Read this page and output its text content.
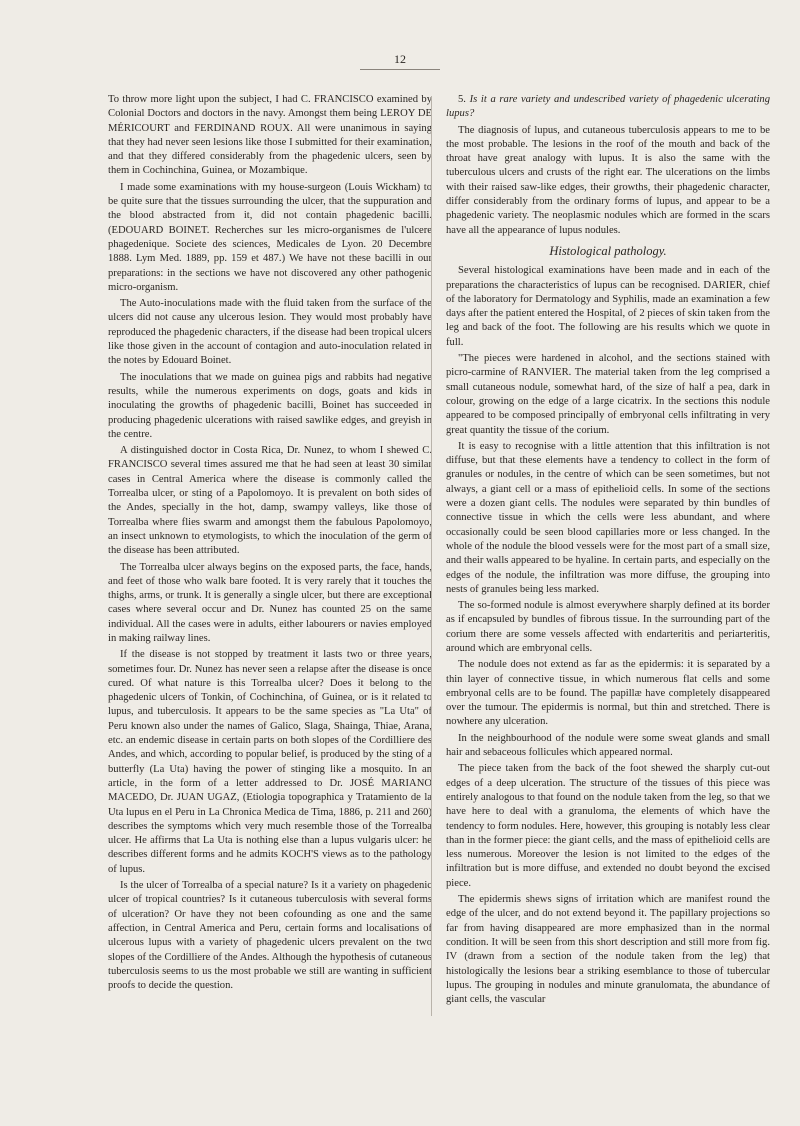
12

To throw more light upon the subject, I had C. FRANCISCO examined by Colonial Doctors and doctors in the navy. Amongst them being LEROY DE MÉRICOURT and FERDINAND ROUX. All were unanimous in saying that they had never seen lesions like those I submitted for their examination, and that they differed considerably from the phagedenic ulcers, seen by them in Cochinchina, Guinea, or Mozambique.

I made some examinations with my house-surgeon (Louis Wickham) to be quite sure that the tissues surrounding the ulcer, that the suppuration and the blood abstracted from it, did not contain phagedenic bacilli. (EDOUARD BOINET. Recherches sur les micro-organismes de l'ulcere phagedenique. Societe des sciences, Medicales de Lyon. 20 Decembre 1888. Lym Med. 1889, pp. 159 et 487.) We have not these bacilli in our preparations: in the sections we have not discovered any other pathogenic micro-organism.

The Auto-inoculations made with the fluid taken from the surface of the ulcers did not cause any ulcerous lesion. They would most probably have reproduced the phagedenic characters, if the disease had been tropical ulcers like those given in the account of contagion and auto-inoculation related in the notes by Edouard Boinet.

The inoculations that we made on guinea pigs and rabbits had negative results, while the numerous experiments on dogs, goats and kids in inoculating the growths of phagedenic bacilli, Boinet has succeeded in producing phagedenic ulcerations with raised sawlike edges, and greyish in the centre.

A distinguished doctor in Costa Rica, Dr. Nunez, to whom I shewed C. FRANCISCO several times assured me that he had seen at least 30 similar cases in Central America where the disease is commonly called the Torrealba ulcer, or sting of a Papolomoyo. It is prevalent on both sides of the Andes, specially in the hot, damp, swampy valleys, like those of Torrealba where flies swarm and amongst them the fabulous Papolomoyo, an insect unknown to etymologists, to which the inoculation of the germ of the disease has been attributed.

The Torrealba ulcer always begins on the exposed parts, the face, hands, and feet of those who walk bare footed. It is very rarely that it touches the thighs, arms, or trunk. It is generally a single ulcer, but there are exceptional cases where several occur and Dr. Nunez has counted 25 on the same individual. All the cases were in adults, either labourers or navies employed in making railway lines.

If the disease is not stopped by treatment it lasts two or three years, sometimes four. Dr. Nunez has never seen a relapse after the disease is once cured. Of what nature is this Torrealba ulcer? Does it belong to the phagedenic ulcers of Tonkin, of Cochinchina, of Guinea, or is it related to lupus, and tuberculosis. It appears to be the same species as "La Uta" of Peru known also under the names of Galico, Slaga, Shainga, Thiae, Arana, etc. an endemic disease in certain parts on both slopes of the Cordilliere des Andes, and which, according to popular belief, is produced by the sting of a butterfly (La Uta) having the power of stinging like a mosquito. In an article, in the form of a letter addressed to Dr. JOSÉ MARIANO MACEDO, Dr. JUAN UGAZ, (Etiologia topographica y Tratamiento de la Uta lupus en el Peru in La Chronica Medica de Tima, 1886, p. 211 and 260) describes the symptoms which very much resemble those of the Torrealba ulcer. He affirms that La Uta is nothing else than a lupus vulgaris ulcer: he describes different forms and he admits KOCH'S views as to the pathology of lupus.

Is the ulcer of Torrealba of a special nature? Is it a variety on phagedenic ulcer of tropical countries? Is it cutaneous tuberculosis with several forms of ulceration? Or have they not been cofounding as one and the same affection, in Central America and Peru, certain forms and localisations of ulcerous lupus with a variety of phagedenic ulcers prevalent on the two slopes of the Cordilliere of the Andes. Although the hypothesis of cutaneous tuberculosis seems to us the most probable we still are wanting in sufficient proofs to decide the question.

5. Is it a rare variety and undescribed variety of phagedenic ulcerating lupus?

The diagnosis of lupus, and cutaneous tuberculosis appears to me to be the most probable. The lesions in the roof of the mouth and back of the throat have great analogy with lupus. It is also the same with the tuberculous ulcers and crusts of the right ear. The ulcerations on the limbs with their raised saw-like edges, their growths, their phagedenic character, differ considerably from the ordinary forms of lupus, and appear to be a phagedenic variety. The neoplasmic nodules which are formed in the scars have all the appearance of lupus nodules.

Histological pathology.

Several histological examinations have been made and in each of the preparations the characteristics of lupus can be recognised. DARIER, chief of the laboratory for Dermatology and Syphilis, made an examination a few days after the patient entered the Hospital, of 2 pieces of skin taken from the leg and back of the foot. The following are his results which we quote in full.

"The pieces were hardened in alcohol, and the sections stained with picro-carmine of RANVIER. The material taken from the leg comprised a small cutaneous nodule, somewhat hard, of the size of half a pea, dark in colour, growing on the edge of a large cicatrix. In the sections this nodule appeared to be composed principally of embryonal cells infiltrating in very great quantity the tissue of the corium.

It is easy to recognise with a little attention that this infiltration is not diffuse, but that these elements have a tendency to collect in the form of granules or nodules, in the centre of which can be seen sometimes, but not always, a giant cell or a mass of epithelioid cells. In some of the sections were a dozen giant cells. The nodules were separated by thin bundles of connective tissue in which the cells were less abundant, and where occasionally could be seen blood capillaries more or less changed. In the whole of the nodule the blood vessels were for the most part of a small size, and their walls appeared to be hyaline. In certain parts, and especially on the edges of the nodule, the infiltration was more diffuse, the grouping into nests of granules being less marked.

The so-formed nodule is almost everywhere sharply defined at its border as if encapsuled by bundles of fibrous tissue. In the surrounding part of the corium there are some vessels affected with endarteritis and periarteritis, around which are embryonal cells.

The nodule does not extend as far as the epidermis: it is separated by a thin layer of connective tissue, in which numerous flat cells and some embryonal cells are to be found. The papillæ have completely disappeared over the tumour. The epidermis is normal, but thin and stretched. There is nowhere any ulceration.

In the neighbourhood of the nodule were some sweat glands and small hair and sebaceous follicules which appeared normal.

The piece taken from the back of the foot shewed the sharply cut-out edges of a deep ulceration. The structure of the tissues of this piece was entirely analogous to that found on the nodule taken from the leg, so that we have here to deal with a granuloma, the elements of which have the tendency to form nodules. Here, however, this grouping is notably less clear than in the former piece: the giant cells, and the mass of epithelioid cells are less numerous. Moreover the lesion is not limited to the edges of the infiltration but is more diffuse, and extended no doubt beyond the excised piece.

The epidermis shews signs of irritation which are manifest round the edge of the ulcer, and do not extend beyond it. The papillary projections so far from having disappeared are more emphasized than in the normal condition. It will be seen from this short description and still more from fig. IV (drawn from a section of the nodule taken from the leg) that histologically the lesions bear a striking esemblance to those of tubercular lupus. The grouping in nodules and minute granulomata, the abundance of giant cells, the vascular
